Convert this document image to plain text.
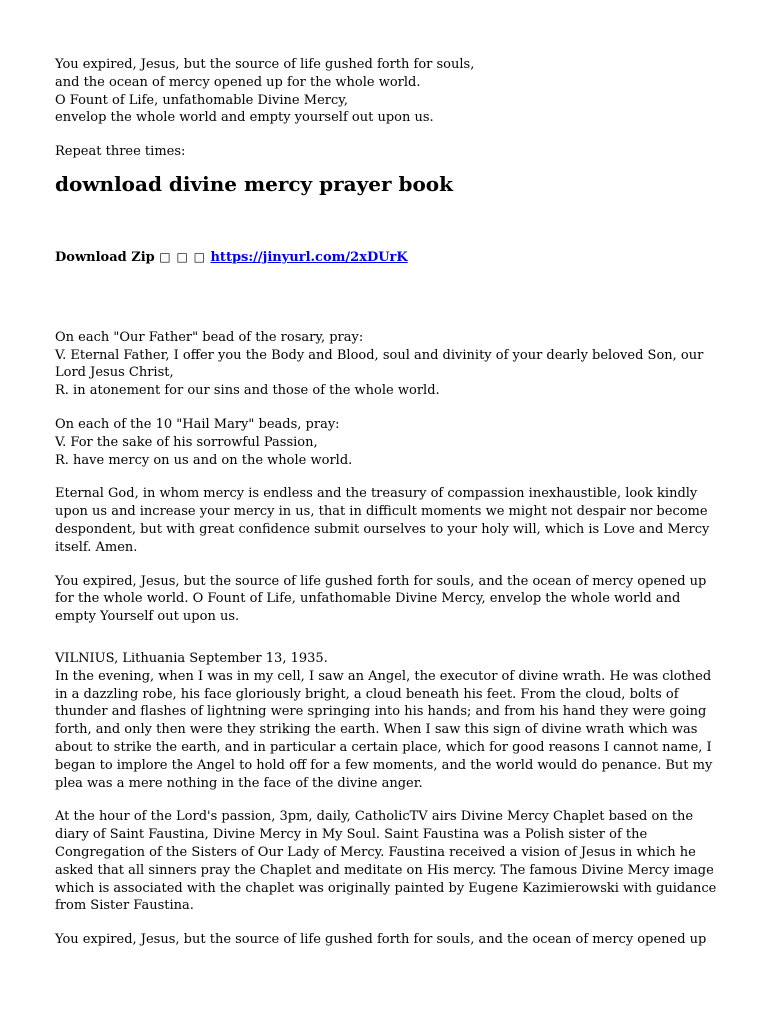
You expired, Jesus, but the source of life gushed forth for souls,
and the ocean of mercy opened up for the whole world.
O Fount of Life, unfathomable Divine Mercy,
envelop the whole world and empty yourself out upon us.
Repeat three times:
download divine mercy prayer book
Download Zip □ □ □ https://jinyurl.com/2xDUrK
On each "Our Father" bead of the rosary, pray:
V. Eternal Father, I offer you the Body and Blood, soul and divinity of your dearly beloved Son, our
Lord Jesus Christ,
R. in atonement for our sins and those of the whole world.
On each of the 10 "Hail Mary" beads, pray:
V. For the sake of his sorrowful Passion,
R. have mercy on us and on the whole world.
Eternal God, in whom mercy is endless and the treasury of compassion inexhaustible, look kindly
upon us and increase your mercy in us, that in difficult moments we might not despair nor become
despondent, but with great confidence submit ourselves to your holy will, which is Love and Mercy
itself. Amen.
You expired, Jesus, but the source of life gushed forth for souls, and the ocean of mercy opened up
for the whole world. O Fount of Life, unfathomable Divine Mercy, envelop the whole world and
empty Yourself out upon us.
VILNIUS, Lithuania September 13, 1935.
In the evening, when I was in my cell, I saw an Angel, the executor of divine wrath. He was clothed
in a dazzling robe, his face gloriously bright, a cloud beneath his feet. From the cloud, bolts of
thunder and flashes of lightning were springing into his hands; and from his hand they were going
forth, and only then were they striking the earth. When I saw this sign of divine wrath which was
about to strike the earth, and in particular a certain place, which for good reasons I cannot name, I
began to implore the Angel to hold off for a few moments, and the world would do penance. But my
plea was a mere nothing in the face of the divine anger.
At the hour of the Lord's passion, 3pm, daily, CatholicTV airs Divine Mercy Chaplet based on the
diary of Saint Faustina, Divine Mercy in My Soul. Saint Faustina was a Polish sister of the
Congregation of the Sisters of Our Lady of Mercy. Faustina received a vision of Jesus in which he
asked that all sinners pray the Chaplet and meditate on His mercy. The famous Divine Mercy image
which is associated with the chaplet was originally painted by Eugene Kazimierowski with guidance
from Sister Faustina.
You expired, Jesus, but the source of life gushed forth for souls, and the ocean of mercy opened up
